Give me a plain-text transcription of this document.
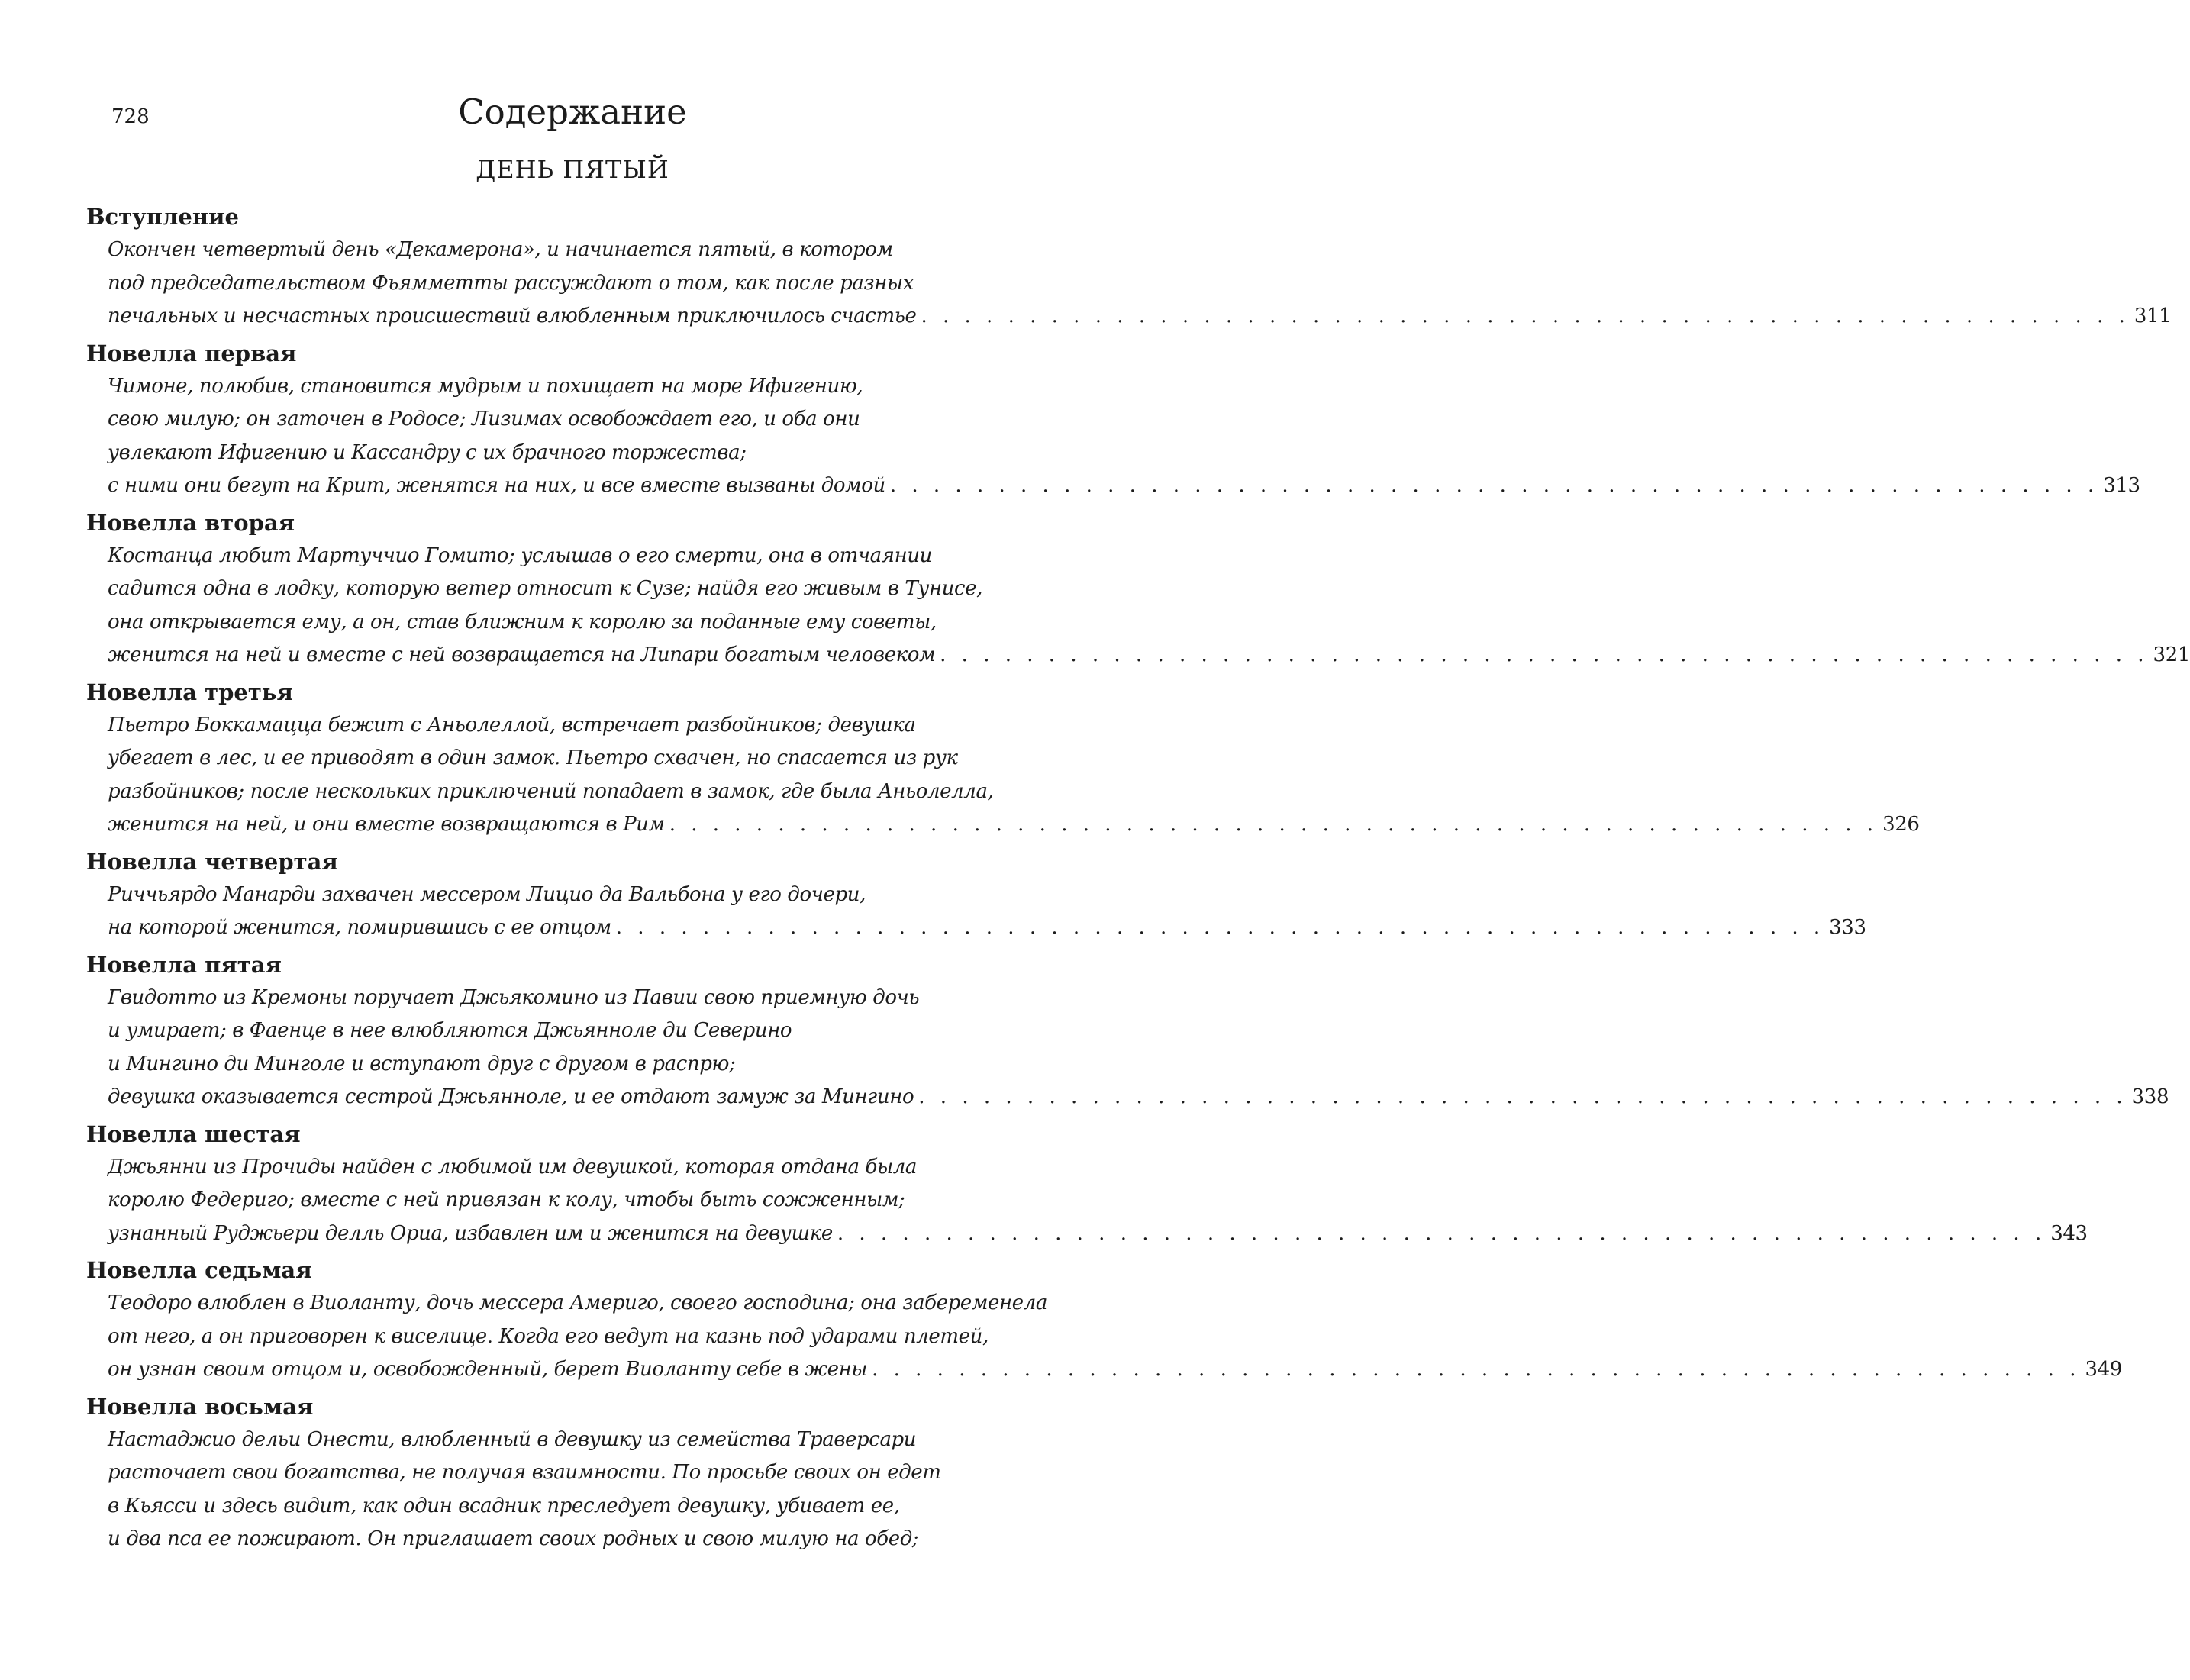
728	Содержание
ДЕНЬ ПЯТЫЙ
Вступление
Окончен четвертый день «Декамерона», и начинается пятый, в котором
под председательством Фьямметты рассуждают о том, как после разных
печальных и несчастных происшествий влюбленным приключилось счастье . . . . . . . . . . . . . . . . . . . . . . . . . . . . . . . . . . . . . . . . . . . . . . . . . . . . . . . . 311
Новелла первая
Чимоне, полюбив, становится мудрым и похищает на море Ифигению,
свою милую; он заточен в Родосе; Лизимах освобождает его, и оба они
увлекают Ифигению и Кассандру с их брачного торжества;
с ними они бегут на Крит, женятся на них, и все вместе вызваны домой . . . . . . . . . . . . . . . . . . . . . . . . . . . . . . . . . . . . . . . . . . . . . . . . . . . . . . . . 313
Новелла вторая
Костанца любит Мартуччио Гомито; услышав о его смерти, она в отчаянии
садится одна в лодку, которую ветер относит к Сузе; найдя его живым в Тунисе,
она открывается ему, а он, став ближним к королю за поданные ему советы,
женится на ней и вместе с ней возвращается на Липари богатым человеком . . . . . . . . . . . . . . . . . . . . . . . . . . . . . . . . . . . . . . . . . . . . . . . . . . . . . . . . 321
Новелла третья
Пьетро Боккамацца бежит с Аньолеллой, встречает разбойников; девушка
убегает в лес, и ее приводят в один замок. Пьетро схвачен, но спасается из рук
разбойников; после нескольких приключений попадает в замок, где была Аньолелла,
женится на ней, и они вместе возвращаются в Рим . . . . . . . . . . . . . . . . . . . . . . . . . . . . . . . . . . . . . . . . . . . . . . . . . . . . . . . . 326
Новелла четвертая
Риччьярдо Манарди захвачен мессером Лицио да Вальбона у его дочери,
на которой женится, помирившись с ее отцом . . . . . . . . . . . . . . . . . . . . . . . . . . . . . . . . . . . . . . . . . . . . . . . . . . . . . . . . 333
Новелла пятая
Гвидотто из Кремоны поручает Джьякомино из Павии свою приемную дочь
и умирает; в Фаенце в нее влюбляются Джьянноле ди Северино
и Мингино ди Минголе и вступают друг с другом в распрю;
девушка оказывается сестрой Джьянноле, и ее отдают замуж за Мингино . . . . . . . . . . . . . . . . . . . . . . . . . . . . . . . . . . . . . . . . . . . . . . . . . . . . . . . . 338
Новелла шестая
Джьянни из Прочиды найден с любимой им девушкой, которая отдана была
королю Федериго; вместе с ней привязан к колу, чтобы быть сожженным;
узнанный Руджьери делль Ориа, избавлен им и женится на девушке . . . . . . . . . . . . . . . . . . . . . . . . . . . . . . . . . . . . . . . . . . . . . . . . . . . . . . . . 343
Новелла седьмая
Теодоро влюблен в Виоланту, дочь мессера Америго, своего господина; она забеременела
от него, а он приговорен к виселице. Когда его ведут на казнь под ударами плетей,
он узнан своим отцом и, освобожденный, берет Виоланту себе в жены . . . . . . . . . . . . . . . . . . . . . . . . . . . . . . . . . . . . . . . . . . . . . . . . . . . . . . . . 349
Новелла восьмая
Настаджио дельи Онести, влюбленный в девушку из семейства Траверсари
расточает свои богатства, не получая взаимности. По просьбе своих он едет
в Кьясси и здесь видит, как один всадник преследует девушку, убивает ее,
и два пса ее пожирают. Он приглашает своих родных и свою милую на обед;
